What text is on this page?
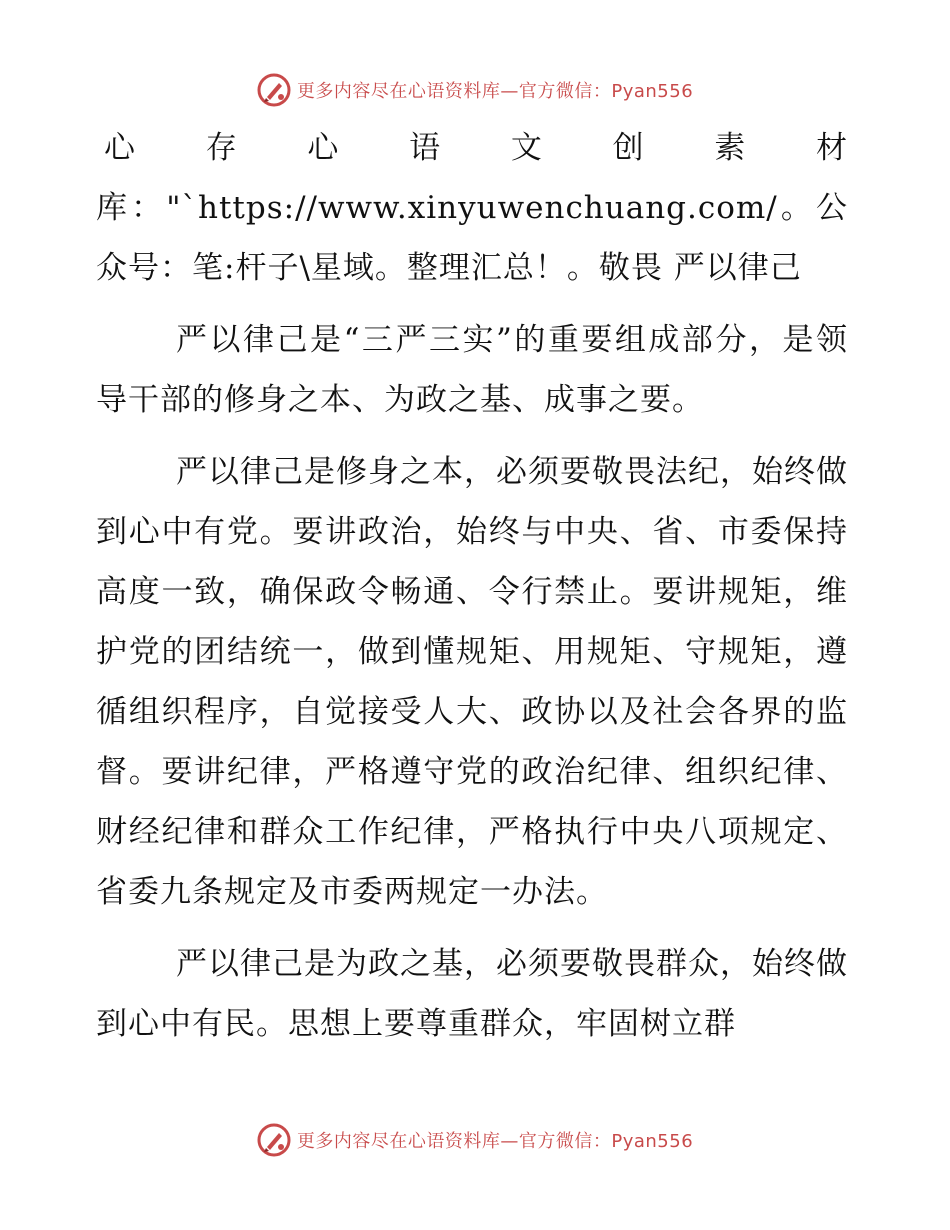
更多内容尽在心语资料库—官方微信：Pyan556

心存心语文创素材库："`https://www.xinyuwenchuang.com/。公众号：笔:杆子\星域。整理汇总！。敬畏 严以律己

严以律己是“三严三实”的重要组成部分，是领导干部的修身之本、为政之基、成事之要。

严以律己是修身之本，必须要敬畏法纪，始终做到心中有党。要讲政治，始终与中央、省、市委保持高度一致，确保政令畅通、令行禁止。要讲规矩，维护党的团结统一，做到懂规矩、用规矩、守规矩，遵循组织程序，自觉接受人大、政协以及社会各界的监督。要讲纪律，严格遵守党的政治纪律、组织纪律、财经纪律和群众工作纪律，严格执行中央八项规定、省委九条规定及市委两规定一办法。

严以律己是为政之基，必须要敬畏群众，始终做到心中有民。思想上要尊重群众，牢固树立群

更多内容尽在心语资料库—官方微信：Pyan556
